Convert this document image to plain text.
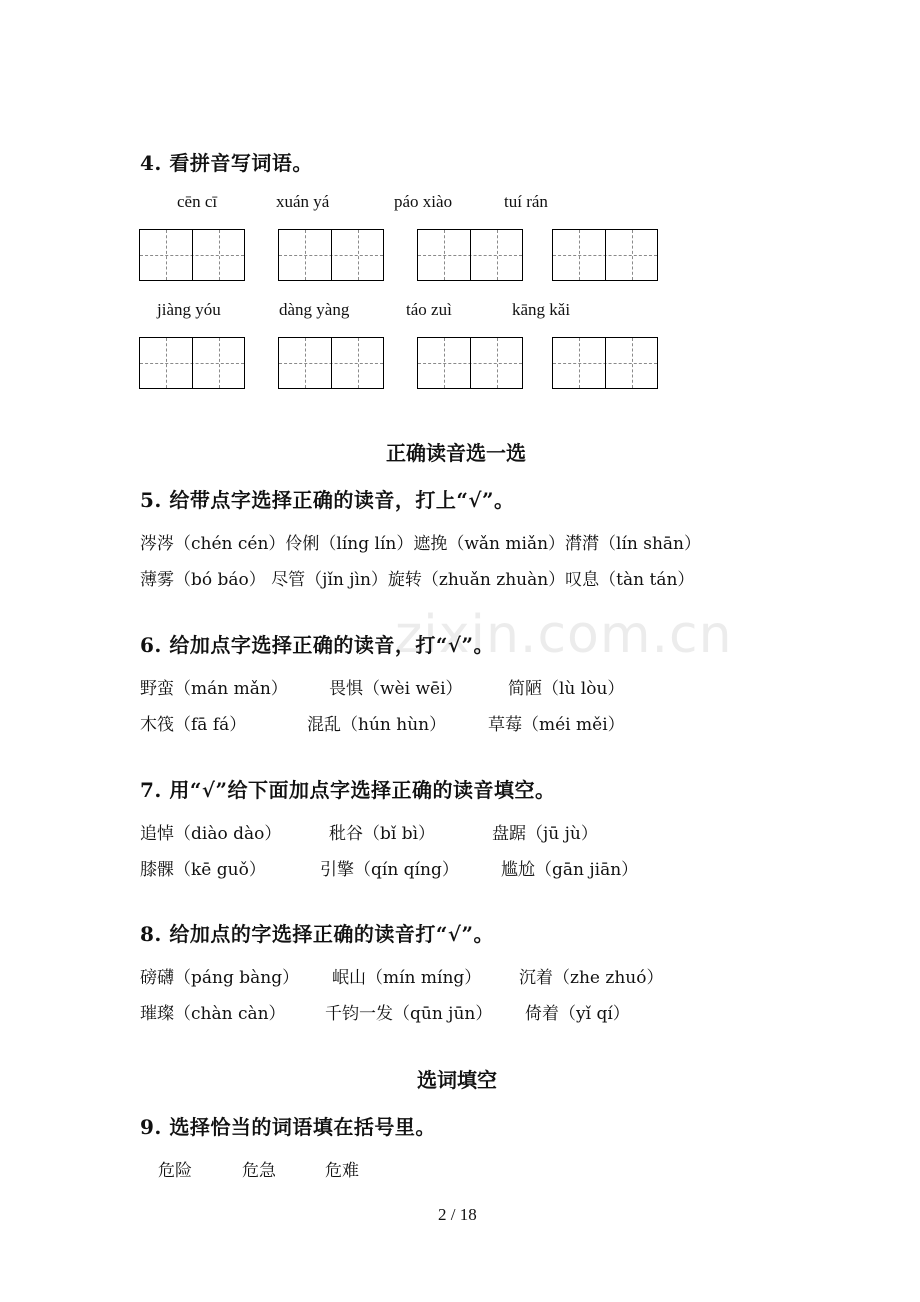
4. 看拼音写词语。
cēn cī	xuán yá	páo xiào	tuí rán
jiàng yóu	dàng yàng	táo zuì	kāng kǎi
正确读音选一选
5. 给带点字选择正确的读音，打上“√”。
涔涔（chén cén）伶俐（líng lín）遮挽（wǎn miǎn）潸潸（lín shān）
薄雾（bó báo） 尽管（jǐn jìn）旋转（zhuǎn zhuàn）叹息（tàn tán）
zixin.com.cn
6. 给加点字选择正确的读音，打“√”。
野蛮（mán mǎn） 畏惧（wèi wēi）	简陋（lù lòu）
木筏（fā fá）	混乱（hún hùn） 草莓（méi měi）
7. 用“√”给下面加点字选择正确的读音填空。
追悼（diào dào）	秕谷（bǐ bì）	盘踞（jū jù）
膝髁（kē guǒ）	引擎（qín qíng） 尴尬（gān jiān）
8. 给加点的字选择正确的读音打“√”。
磅礴（páng bàng） 岷山（mín míng） 沉着（zhe zhuó）
璀璨（chàn càn） 千钧一发（qūn jūn） 倚着（yǐ qí）
选词填空
9. 选择恰当的词语填在括号里。
危险	危急	危难
2 / 18
